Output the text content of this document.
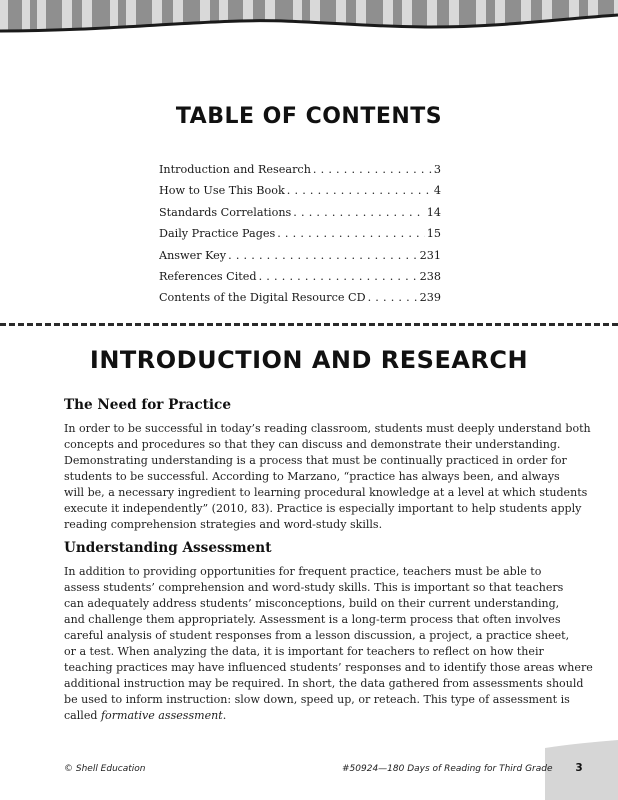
TABLE OF CONTENTS
Introduction and Research . . .	3
How to Use This Book . . .	4
Standards Correlations . . .	14
Daily Practice Pages . . .	15
Answer Key . . .	231
References Cited . . .	238
Contents of the Digital Resource CD . . .	239
INTRODUCTION AND RESEARCH
The Need for Practice
In order to be successful in today’s reading classroom, students must deeply understand both
concepts and procedures so that they can discuss and demonstrate their understanding.
Demonstrating understanding is a process that must be continually practiced in order for
students to be successful. According to Marzano, “practice has always been, and always
will be, a necessary ingredient to learning procedural knowledge at a level at which students
execute it independently” (2010, 83). Practice is especially important to help students apply
reading comprehension strategies and word-study skills.
Understanding Assessment
In addition to providing opportunities for frequent practice, teachers must be able to
assess students’ comprehension and word-study skills. This is important so that teachers
can adequately address students’ misconceptions, build on their current understanding,
and challenge them appropriately. Assessment is a long-term process that often involves
careful analysis of student responses from a lesson discussion, a project, a practice sheet,
or a test. When analyzing the data, it is important for teachers to reflect on how their
teaching practices may have influenced students’ responses and to identify those areas where
additional instruction may be required. In short, the data gathered from assessments should
be used to inform instruction: slow down, speed up, or reteach. This type of assessment is
called formative assessment.
© Shell Education	#50924—180 Days of Reading for Third Grade	3
